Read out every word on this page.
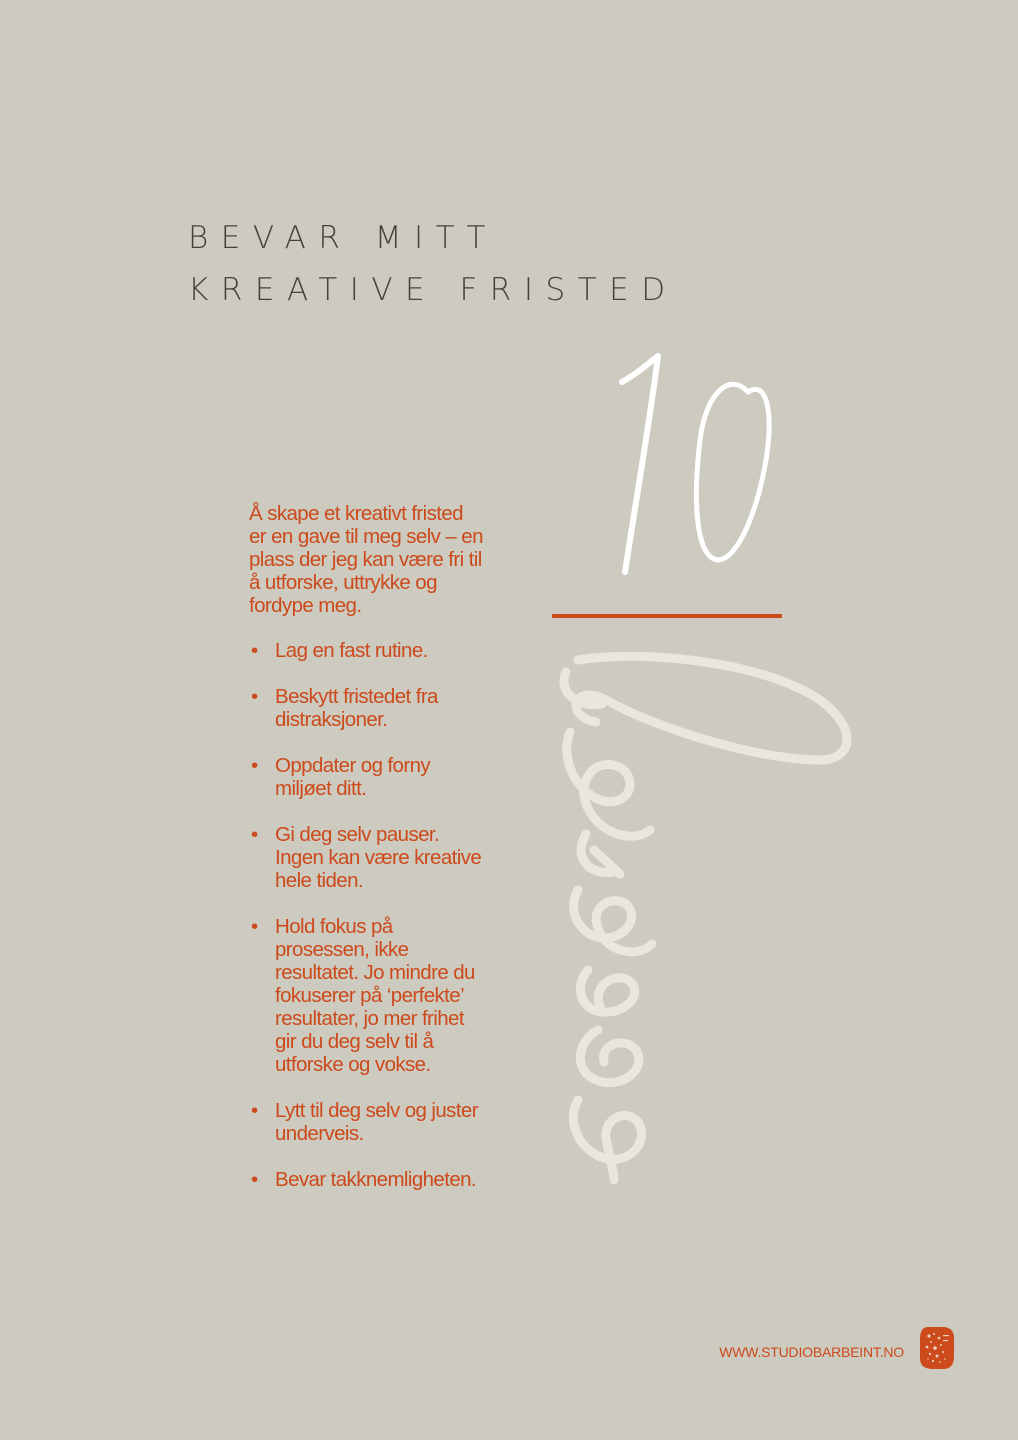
BEVAR MITT
KREATIVE FRISTED

Å skape et kreativt fristed er en gave til meg selv – en plass der jeg kan være fri til å utforske, uttrykke og fordype meg.

• Lag en fast rutine.
• Beskytt fristedet fra distraksjoner.
• Oppdater og forny miljøet ditt.
• Gi deg selv pauser. Ingen kan være kreative hele tiden.
• Hold fokus på prosessen, ikke resultatet. Jo mindre du fokuserer på ‘perfekte’ resultater, jo mer frihet gir du deg selv til å utforske og vokse.
• Lytt til deg selv og juster underveis.
• Bevar takknemligheten.
WWW.STUDIOBARBEINT.NO
